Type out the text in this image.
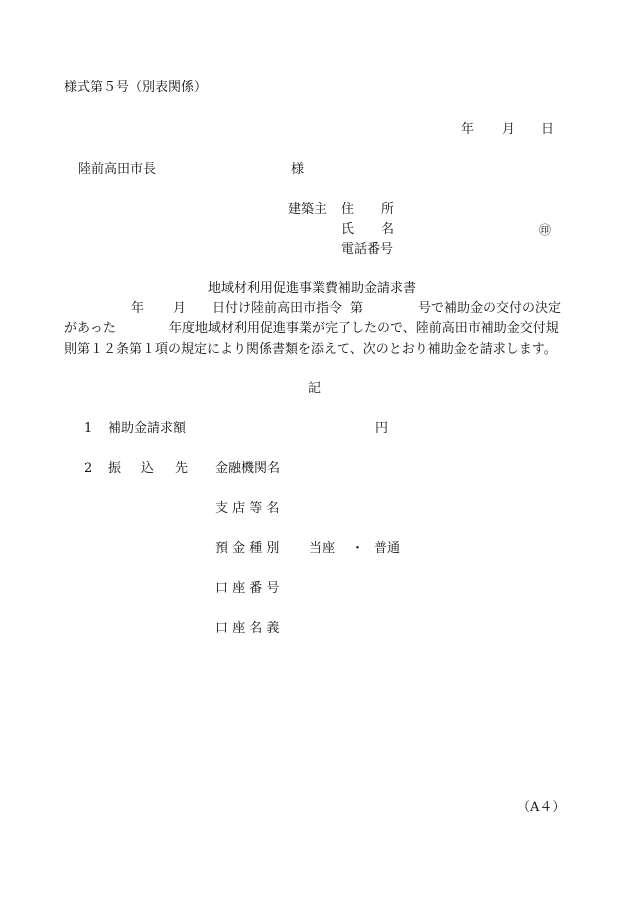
様式第５号（別表関係）
年 月 日
陸前高田市長	様
建築主 住 所
氏 名	㊞
電話番号
地域材利用促進事業費補助金請求書
年 月 日付け陸前高田市指令 第	号で補助金の交付の決定
があった	年度地域材利用促進事業が完了したので、陸前高田市補助金交付規
則第１２条第１項の規定により関係書類を添えて、次のとおり補助金を請求します。
記
1 補助金請求額	円
2 振 込 先 金融機関名
支 店 等 名
預 金 種 別 当座 ・ 普通
口 座 番 号
口 座 名 義
（A４）
